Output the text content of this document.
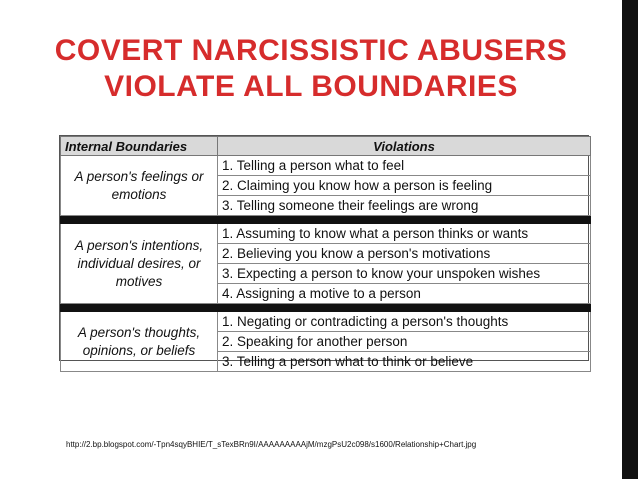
COVERT NARCISSISTIC ABUSERS
VIOLATE ALL BOUNDARIES
Internal Boundaries	Violations
A person's feelings or emotions	1. Telling a person what to feel
	2. Claiming you know how a person is feeling
	3. Telling someone their feelings are wrong

A person's intentions, individual desires, or motives	1. Assuming to know what a person thinks or wants
	2. Believing you know a person's motivations
	3. Expecting a person to know your unspoken wishes
	4. Assigning a motive to a person

A person's thoughts, opinions, or beliefs	1. Negating or contradicting a person's thoughts
	2. Speaking for another person
	3. Telling a person what to think or believe
http://2.bp.blogspot.com/-Tpn4sqyBHIE/T_sTexBRn9I/AAAAAAAAAjM/mzgPsU2c098/s1600/Relationship+Chart.jpg
